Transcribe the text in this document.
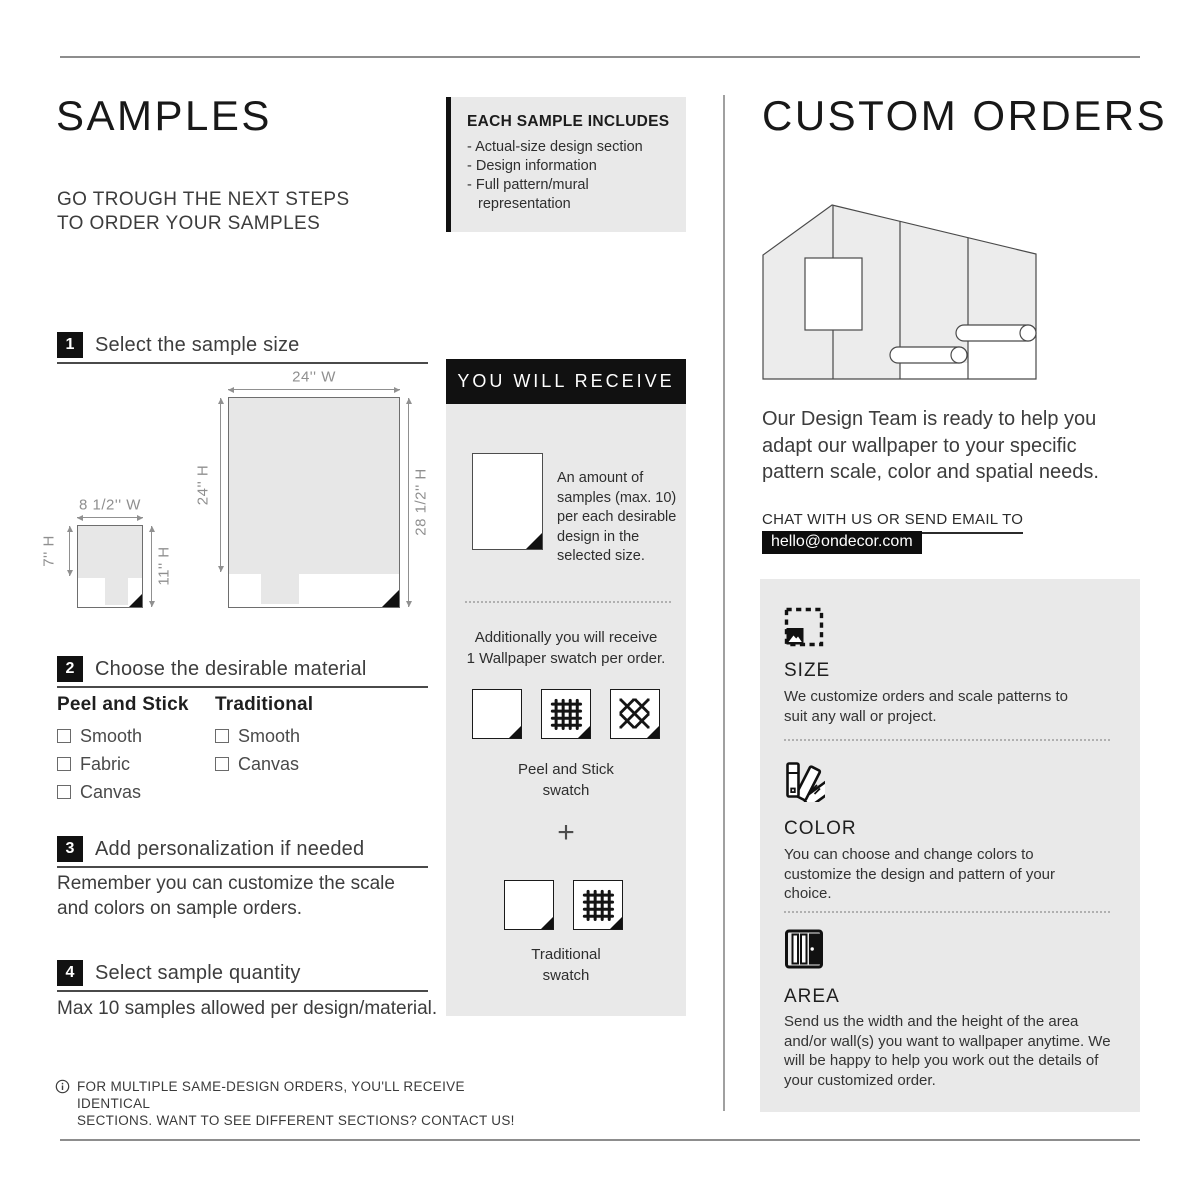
SAMPLES
GO TROUGH THE NEXT STEPS
TO ORDER YOUR SAMPLES
1	Select the sample size
8 1/2'' W
7'' H	11'' H
24'' W
24'' H	28 1/2'' H
2	Choose the desirable material
Peel and Stick
Smooth
Fabric
Canvas
Traditional
Smooth
Canvas
3	Add personalization if needed
Remember you can customize the scale and colors on sample orders.
4	Select sample quantity
Max 10 samples allowed per design/material.
FOR MULTIPLE SAME-DESIGN ORDERS, YOU'LL RECEIVE IDENTICAL
SECTIONS. WANT TO SEE DIFFERENT SECTIONS? CONTACT US!
EACH SAMPLE INCLUDES
- Actual-size design section
- Design information
- Full pattern/mural representation
YOU WILL RECEIVE
An amount of samples (max. 10) per each desirable design in the selected size.
Additionally you will receive
1 Wallpaper swatch per order.
Peel and Stick
swatch
+
Traditional
swatch
CUSTOM ORDERS
Our Design Team is ready to help you adapt our wallpaper to your specific pattern scale, color and spatial needs.
CHAT WITH US OR SEND EMAIL TO
hello@ondecor.com
SIZE
We customize orders and scale patterns to suit any wall or project.
COLOR
You can choose and change colors to customize the design and pattern of your choice.
AREA
Send us the width and the height of the area and/or wall(s) you want to wallpaper anytime. We will be happy to help you work out the details of your customized order.
